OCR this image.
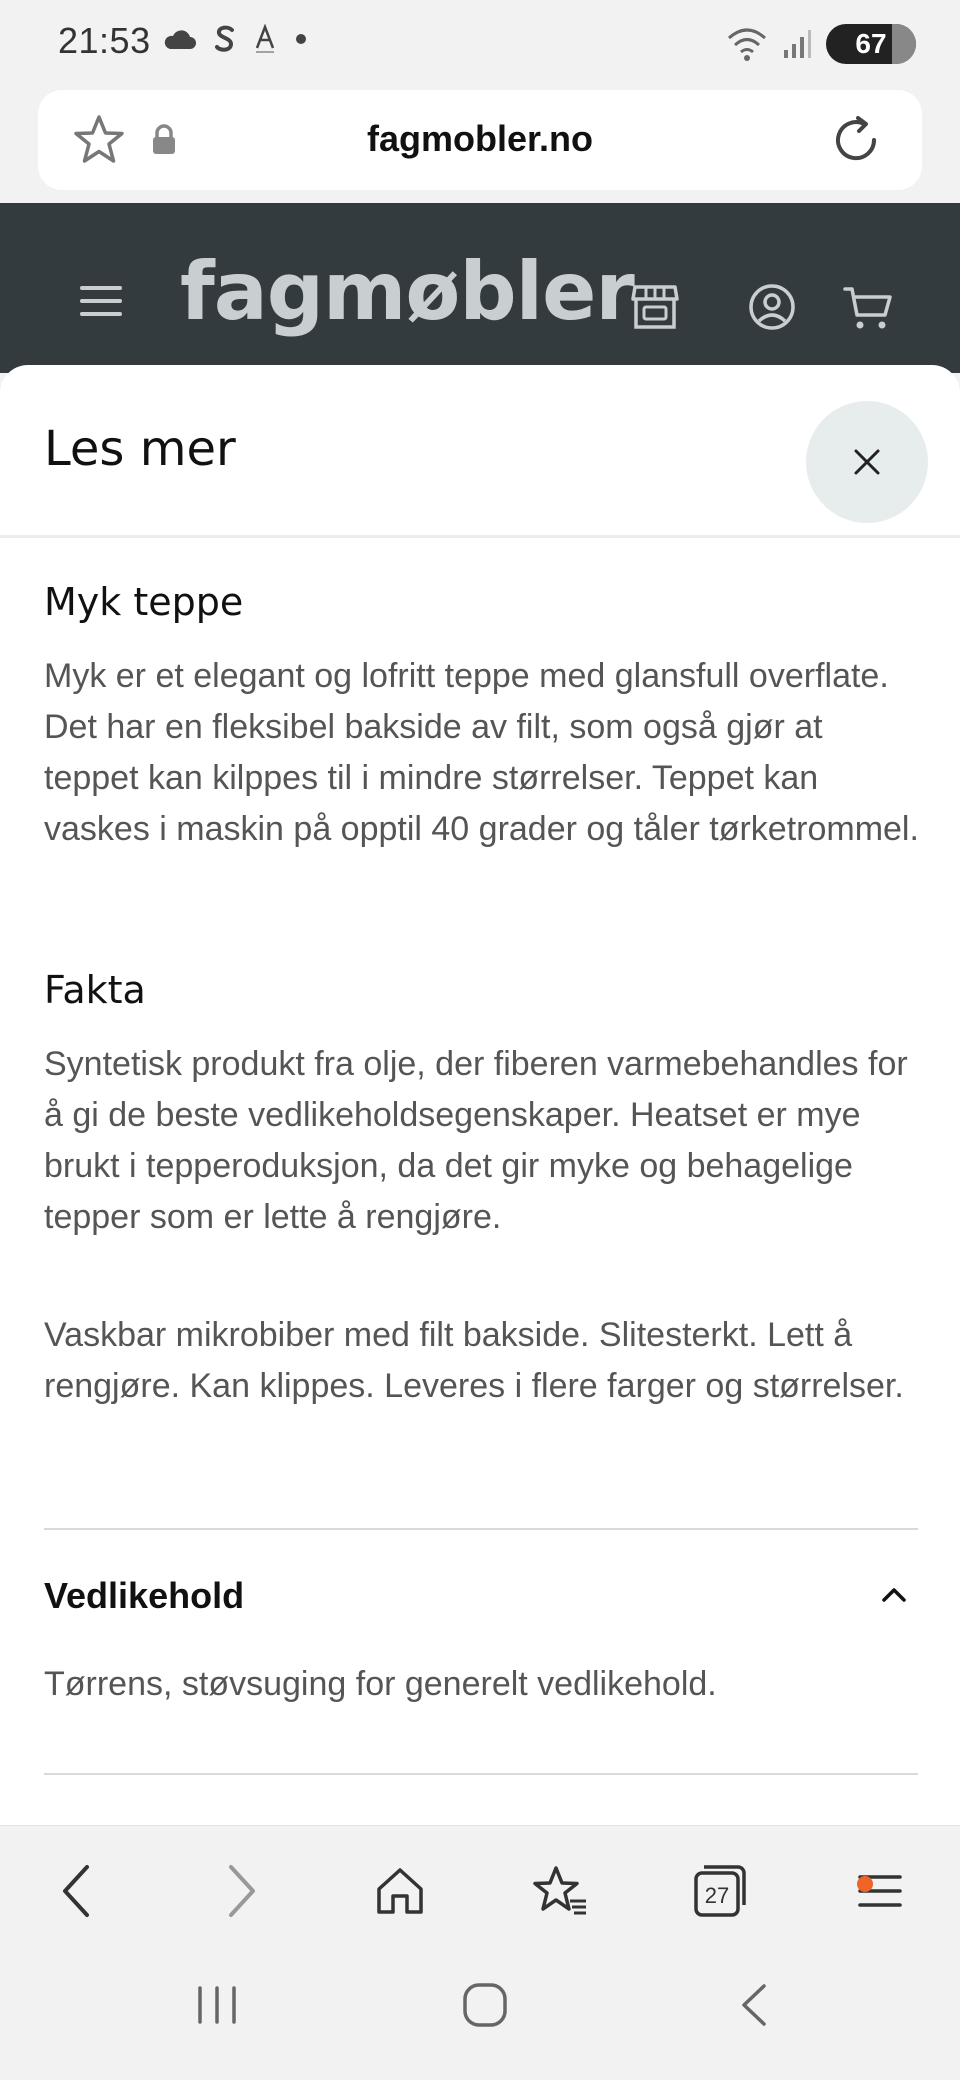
21:53	67
fagmobler.no
fagmøbler
Les mer
Myk teppe
Myk er et elegant og lofritt teppe med glansfull overflate. Det har en fleksibel bakside av filt, som også gjør at teppet kan kilppes til i mindre størrelser. Teppet kan vaskes i maskin på opptil 40 grader og tåler tørketrommel.
Fakta
Syntetisk produkt fra olje, der fiberen varmebehandles for å gi de beste vedlikeholdsegenskaper. Heatset er mye brukt i tepperoduksjon, da det gir myke og behagelige tepper som er lette å rengjøre.
Vaskbar mikrobiber med filt bakside. Slitesterkt. Lett å rengjøre. Kan klippes. Leveres i flere farger og størrelser.
Vedlikehold
Tørrens, støvsuging for generelt vedlikehold.
27
